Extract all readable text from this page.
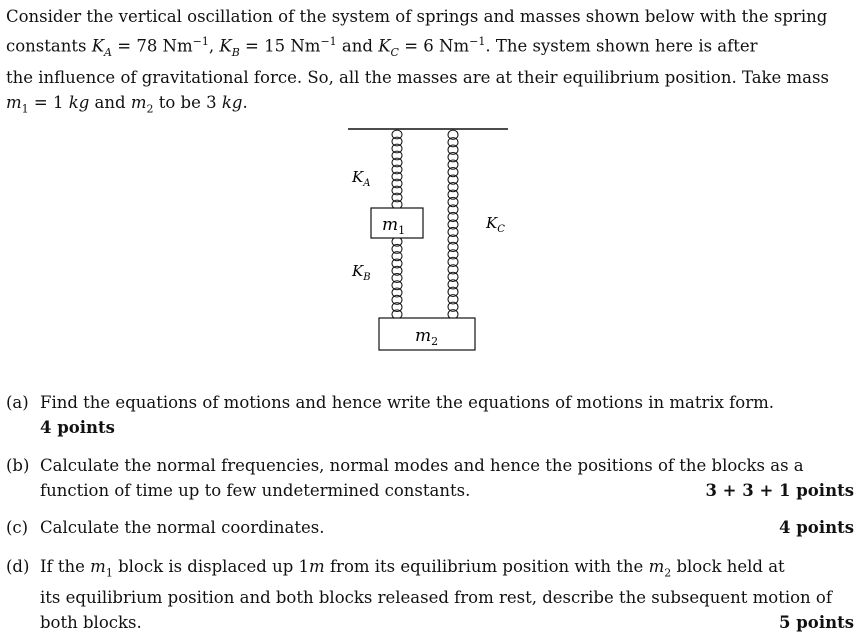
Consider the vertical oscillation of the system of springs and masses shown below with the spring
constants $K_A = 78$ $Nm^{-1}$, $K_B = 15$ $Nm^{-1}$ and $K_C = 6$ $Nm^{-1}$. The system shown here is after
the influence of gravitational force. So, all the masses are at their equilibrium position. Take mass
$m_1 = 1$ kg and $m_2$ to be 3 kg.
$m_1$
$m_2$
$K_A$
$K_B$
$K_C$
(a) Find the equations of motions and hence write the equations of motions in matrix form.
4 points
(b) Calculate the normal frequencies, normal modes and hence the positions of the blocks as a
function of time up to few undetermined constants.	3 + 3 + 1 points
(c) Calculate the normal coordinates.	4 points
(d) If the $m_1$ block is displaced up 1m from its equilibrium position with the $m_2$ block held at
its equilibrium position and both blocks released from rest, describe the subsequent motion of
both blocks.	5 points
